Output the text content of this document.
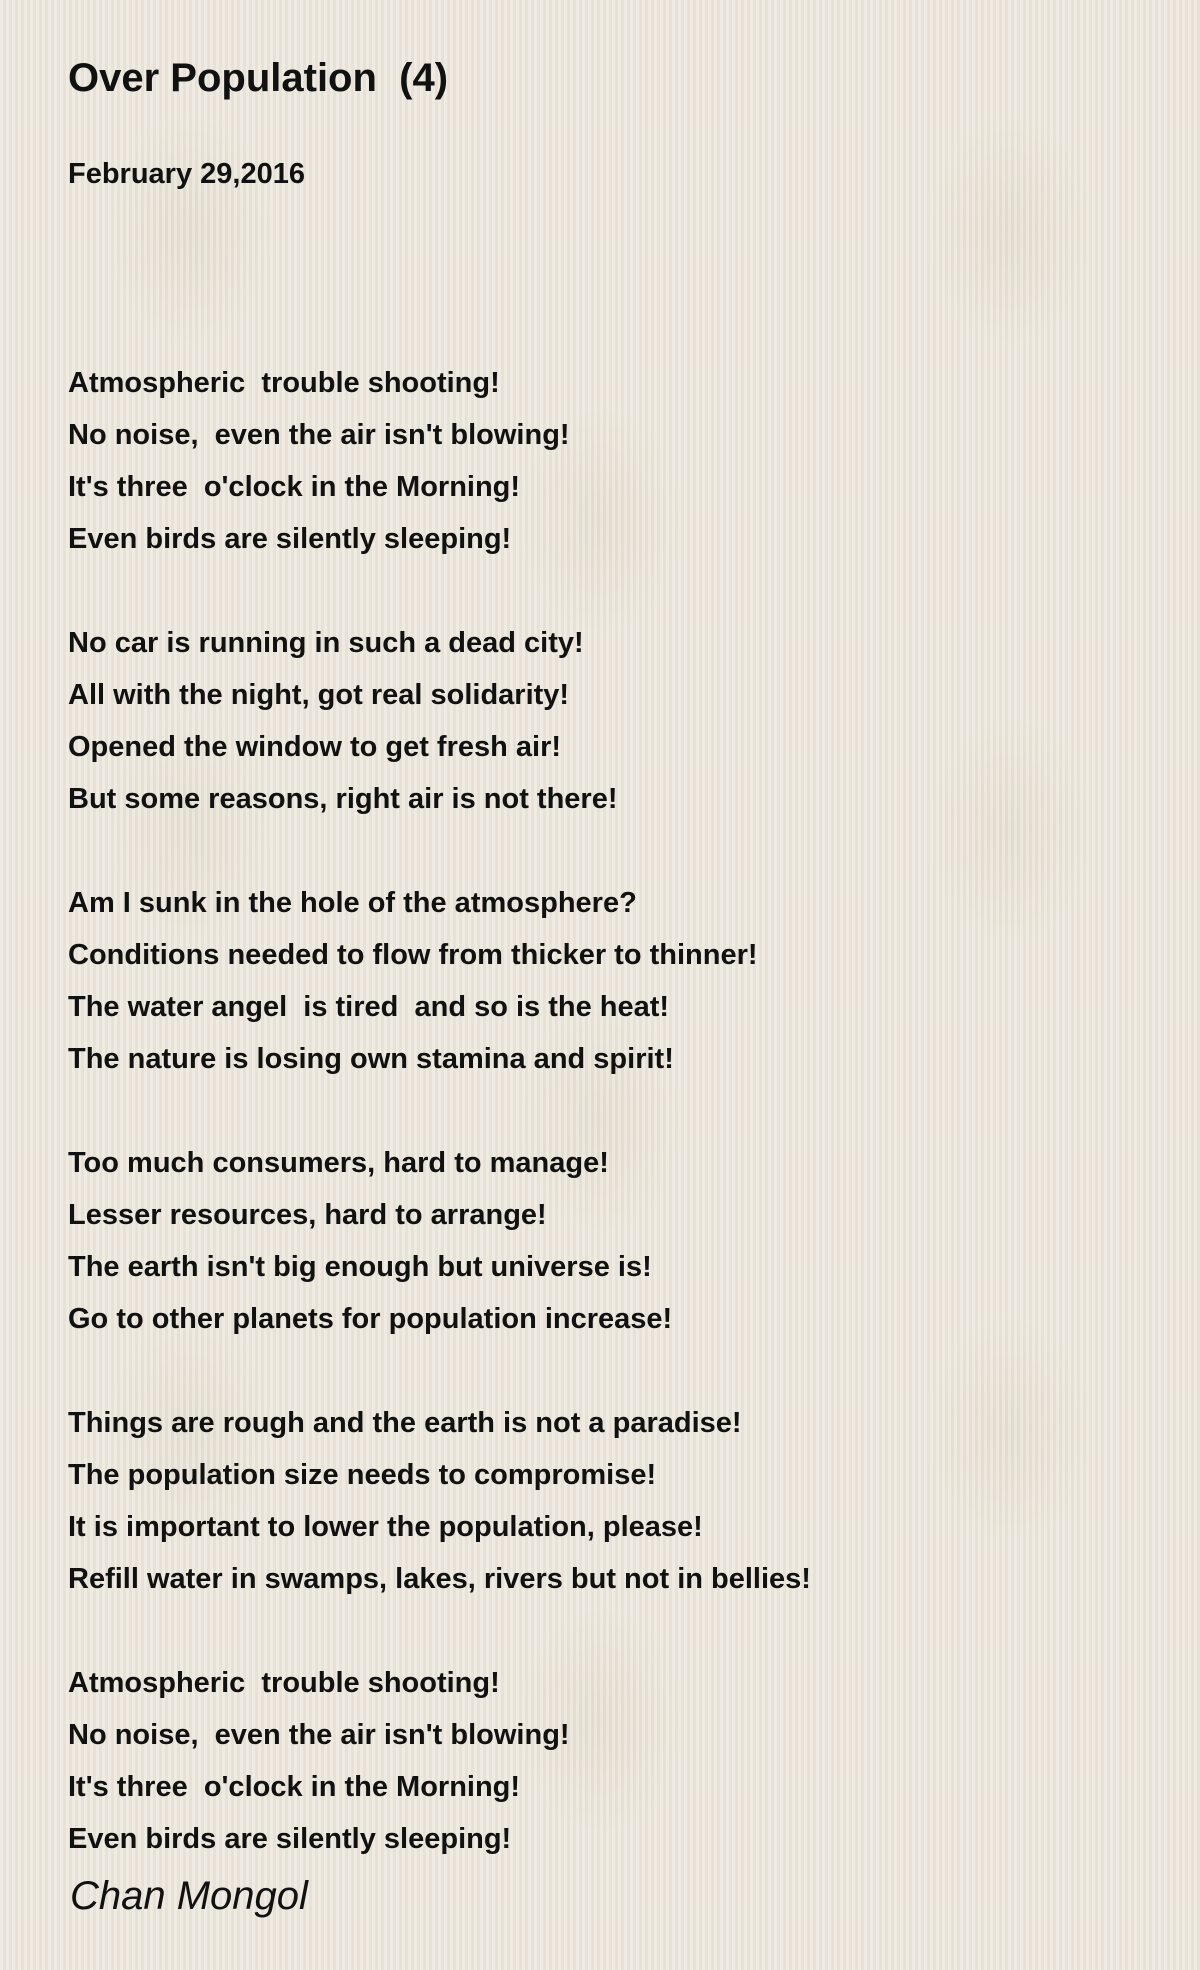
Over Population  (4)
February 29,2016
Atmospheric  trouble shooting!
No noise,  even the air isn't blowing!
It's three  o'clock in the Morning!
Even birds are silently sleeping!
No car is running in such a dead city!
All with the night, got real solidarity!
Opened the window to get fresh air!
But some reasons, right air is not there!
Am I sunk in the hole of the atmosphere?
Conditions needed to flow from thicker to thinner!
The water angel  is tired  and so is the heat!
The nature is losing own stamina and spirit!
Too much consumers, hard to manage!
Lesser resources, hard to arrange!
The earth isn't big enough but universe is!
Go to other planets for population increase!
Things are rough and the earth is not a paradise!
The population size needs to compromise!
It is important to lower the population, please!
Refill water in swamps, lakes, rivers but not in bellies!
Atmospheric  trouble shooting!
No noise,  even the air isn't blowing!
It's three  o'clock in the Morning!
Even birds are silently sleeping!
Chan Mongol
